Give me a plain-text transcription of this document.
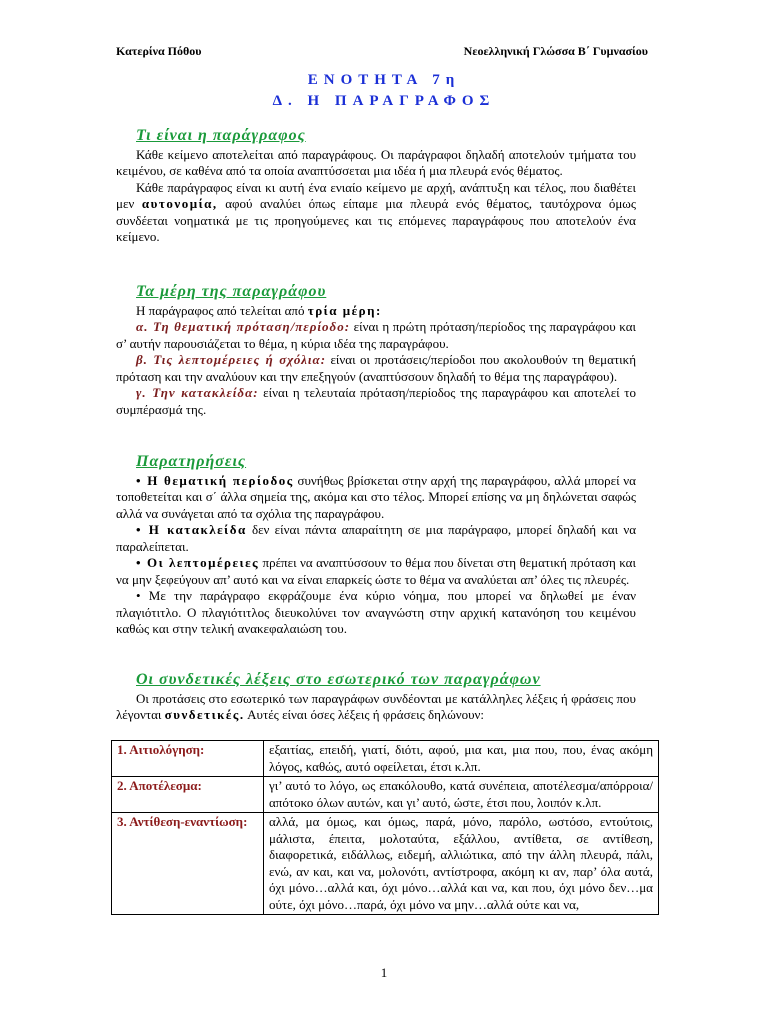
Κατερίνα Πόθου	Νεοελληνική Γλώσσα Β΄ Γυμνασίου
ΕΝΟΤΗΤΑ 7η
Δ. Η ΠΑΡΑΓΡΑΦΟΣ
Τι είναι η παράγραφος

Κάθε κείμενο αποτελείται από παραγράφους. Οι παράγραφοι δηλαδή αποτελούν τμήματα του κειμένου, σε καθένα από τα οποία αναπτύσσεται μια ιδέα ή μια πλευρά ενός θέματος.

Κάθε παράγραφος είναι κι αυτή ένα ενιαίο κείμενο με αρχή, ανάπτυξη και τέλος, που διαθέτει μεν αυτονομία, αφού αναλύει όπως είπαμε μια πλευρά ενός θέματος, ταυτόχρονα όμως συνδέεται νοηματικά με τις προηγούμενες και τις επόμενες παραγράφους που αποτελούν ένα κείμενο.

Τα μέρη της παραγράφου

Η παράγραφος από τελείται από τρία μέρη:

α. Τη θεματική πρόταση/περίοδο: είναι η πρώτη πρόταση/περίοδος της παραγράφου και σ’ αυτήν παρουσιάζεται το θέμα, η κύρια ιδέα της παραγράφου.

β. Τις λεπτομέρειες ή σχόλια: είναι οι προτάσεις/περίοδοι που ακολουθούν τη θεματική πρόταση και την αναλύουν και την επεξηγούν (αναπτύσσουν δηλαδή το θέμα της παραγράφου).

γ. Την κατακλείδα: είναι η τελευταία πρόταση/περίοδος της παραγράφου και αποτελεί το συμπέρασμά της.

Παρατηρήσεις

• Η θεματική περίοδος συνήθως βρίσκεται στην αρχή της παραγράφου, αλλά μπορεί να τοποθετείται και σ΄ άλλα σημεία της, ακόμα και στο τέλος. Μπορεί επίσης να μη δηλώνεται σαφώς αλλά να συνάγεται από τα σχόλια της παραγράφου.

• Η κατακλείδα δεν είναι πάντα απαραίτητη σε μια παράγραφο, μπορεί δηλαδή και να παραλείπεται.

• Οι λεπτομέρειες πρέπει να αναπτύσσουν το θέμα που δίνεται στη θεματική πρόταση και να μην ξεφεύγουν απ’ αυτό και να είναι επαρκείς ώστε το θέμα να αναλύεται απ’ όλες τις πλευρές.

• Με την παράγραφο εκφράζουμε ένα κύριο νόημα, που μπορεί να δηλωθεί με έναν πλαγιότιτλο. Ο πλαγιότιτλος διευκολύνει τον αναγνώστη στην αρχική κατανόηση του κειμένου καθώς και στην τελική ανακεφαλαιώση του.

Οι συνδετικές λέξεις στο εσωτερικό των παραγράφων

Οι προτάσεις στο εσωτερικό των παραγράφων συνδέονται με κατάλληλες λέξεις ή φράσεις που λέγονται συνδετικές. Αυτές είναι όσες λέξεις ή φράσεις δηλώνουν:

1. Αιτιολόγηση:	εξαιτίας, επειδή, γιατί, διότι, αφού, μια και, μια που, που, ένας ακόμη λόγος, καθώς, αυτό οφείλεται, έτσι κ.λπ.
2. Αποτέλεσμα:	γι’ αυτό το λόγο, ως επακόλουθο, κατά συνέπεια, αποτέλεσμα/απόρροια/απότοκο όλων αυτών, και γι’ αυτό, ώστε, έτσι που, λοιπόν κ.λπ.
3. Αντίθεση-εναντίωση:	αλλά, μα όμως, και όμως, παρά, μόνο, παρόλο, ωστόσο, εντούτοις, μάλιστα, έπειτα, μολοταύτα, εξάλλου, αντίθετα, σε αντίθεση, διαφορετικά, ειδάλλως, ειδεμή, αλλιώτικα, από την άλλη πλευρά, πάλι, ενώ, αν και, και να, μολονότι, αντίστροφα, ακόμη κι αν, παρ’ όλα αυτά, όχι μόνο…αλλά και, όχι μόνο…αλλά και να, και που, όχι μόνο δεν…μα ούτε, όχι μόνο…παρά, όχι μόνο να μην…αλλά ούτε και να,
1
